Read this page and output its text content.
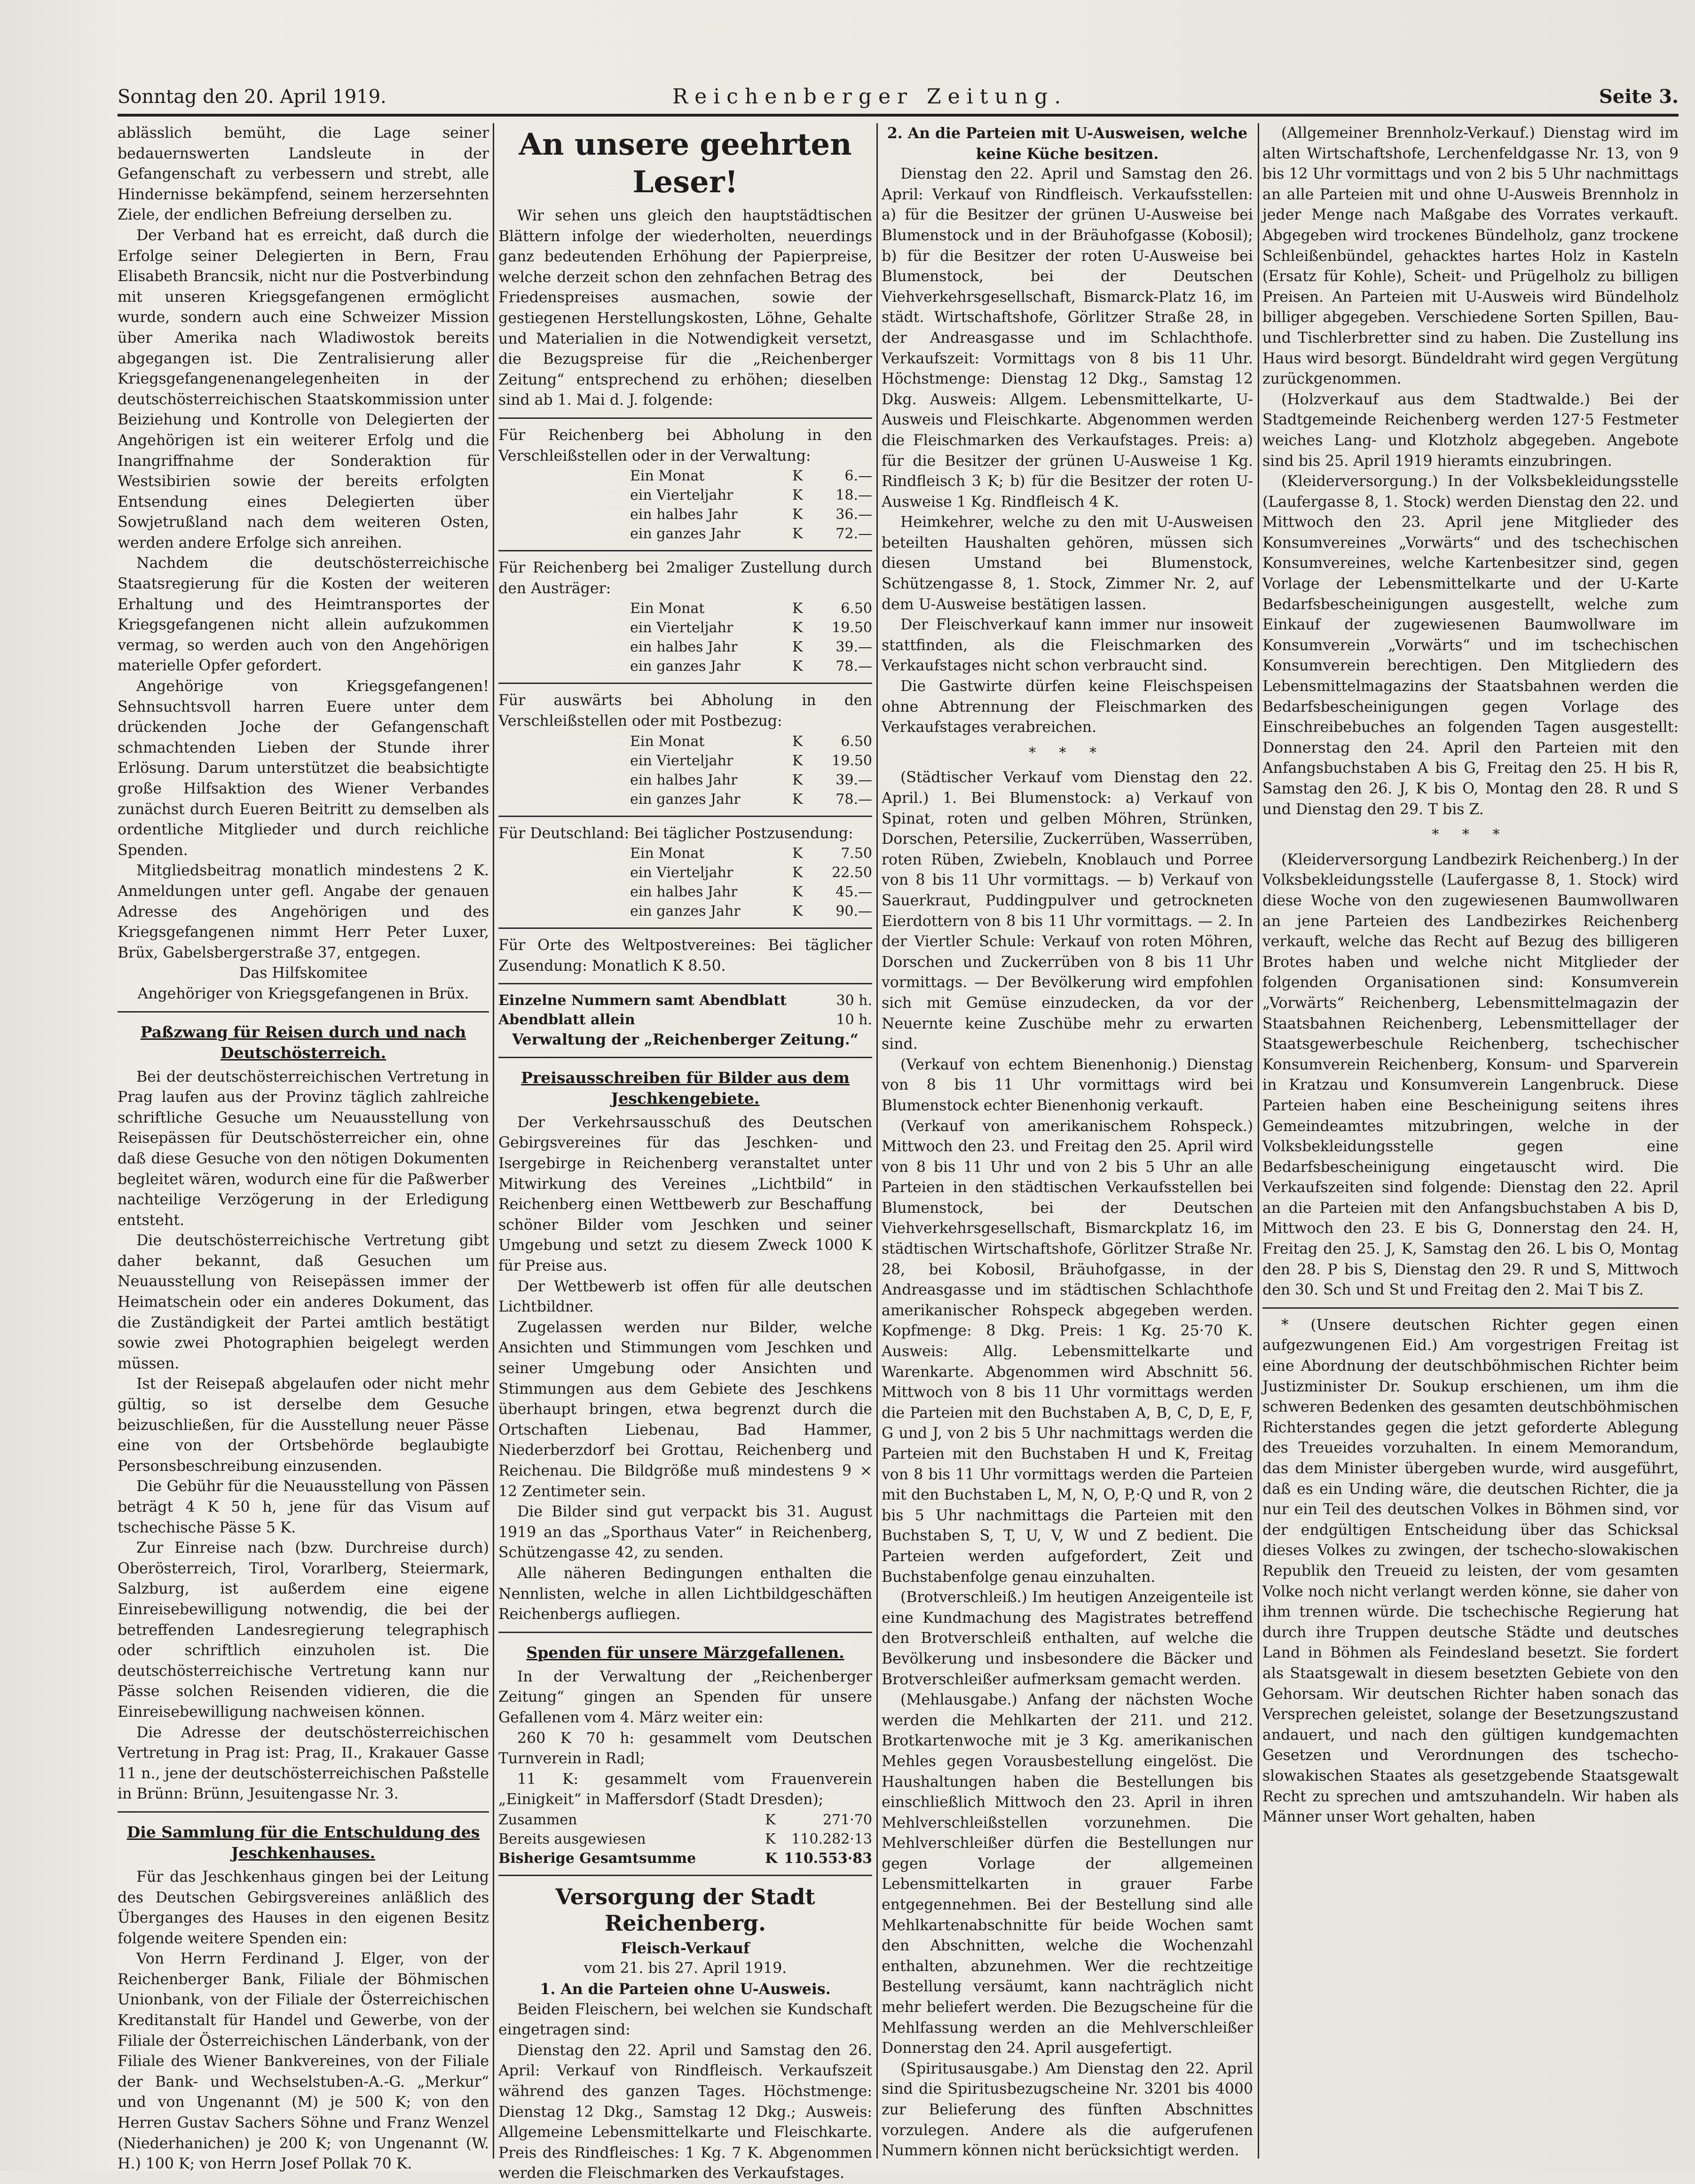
Sonntag den 20. April 1919.	Reichenberger Zeitung.	Seite 3.

ablässlich bemüht, die Lage seiner bedauernswerten Landsleute in der Gefangenschaft zu verbessern und strebt, alle Hindernisse bekämpfend, seinem herzersehnten Ziele, der endlichen Befreiung derselben zu.

Der Verband hat es erreicht, daß durch die Erfolge seiner Delegierten in Bern, Frau Elisabeth Brancsik, nicht nur die Postverbindung mit unseren Kriegsgefangenen ermöglicht wurde, sondern auch eine Schweizer Mission über Amerika nach Wladiwostok bereits abgegangen ist. Die Zentralisierung aller Kriegsgefangenenangelegenheiten in der deutschösterreichischen Staatskommission unter Beiziehung und Kontrolle von Delegierten der Angehörigen ist ein weiterer Erfolg und die Inangriffnahme der Sonderaktion für Westsibirien sowie der bereits erfolgten Entsendung eines Delegierten über Sowjetrußland nach dem weiteren Osten, werden andere Erfolge sich anreihen.

Nachdem die deutschösterreichische Staatsregierung für die Kosten der weiteren Erhaltung und des Heimtransportes der Kriegsgefangenen nicht allein aufzukommen vermag, so werden auch von den Angehörigen materielle Opfer gefordert.

Angehörige von Kriegsgefangenen! Sehnsuchtsvoll harren Euere unter dem drückenden Joche der Gefangenschaft schmachtenden Lieben der Stunde ihrer Erlösung. Darum unterstützet die beabsichtigte große Hilfsaktion des Wiener Verbandes zunächst durch Eueren Beitritt zu demselben als ordentliche Mitglieder und durch reichliche Spenden.

Mitgliedsbeitrag monatlich mindestens 2 K. Anmeldungen unter gefl. Angabe der genauen Adresse des Angehörigen und des Kriegsgefangenen nimmt Herr Peter Luxer, Brüx, Gabelsbergerstraße 37, entgegen.

Das Hilfskomitee

Angehöriger von Kriegsgefangenen in Brüx.

Paßzwang für Reisen durch und nach Deutschösterreich.

Bei der deutschösterreichischen Vertretung in Prag laufen aus der Provinz täglich zahlreiche schriftliche Gesuche um Neuausstellung von Reisepässen für Deutschösterreicher ein, ohne daß diese Gesuche von den nötigen Dokumenten begleitet wären, wodurch eine für die Paßwerber nachteilige Verzögerung in der Erledigung entsteht.

Die deutschösterreichische Vertretung gibt daher bekannt, daß Gesuchen um Neuausstellung von Reisepässen immer der Heimatschein oder ein anderes Dokument, das die Zuständigkeit der Partei amtlich bestätigt sowie zwei Photographien beigelegt werden müssen.

Ist der Reisepaß abgelaufen oder nicht mehr gültig, so ist derselbe dem Gesuche beizuschließen, für die Ausstellung neuer Pässe eine von der Ortsbehörde beglaubigte Personsbeschreibung einzusenden.

Die Gebühr für die Neuausstellung von Pässen beträgt 4 K 50 h, jene für das Visum auf tschechische Pässe 5 K.

Zur Einreise nach (bzw. Durchreise durch) Oberösterreich, Tirol, Vorarlberg, Steiermark, Salzburg, ist außerdem eine eigene Einreisebewilligung notwendig, die bei der betreffenden Landesregierung telegraphisch oder schriftlich einzuholen ist. Die deutschösterreichische Vertretung kann nur Pässe solchen Reisenden vidieren, die die Einreisebewilligung nachweisen können.

Die Adresse der deutschösterreichischen Vertretung in Prag ist: Prag, II., Krakauer Gasse 11 n., jene der deutschösterreichischen Paßstelle in Brünn: Brünn, Jesuitengasse Nr. 3.

Die Sammlung für die Entschuldung des Jeschkenhauses.

Für das Jeschkenhaus gingen bei der Leitung des Deutschen Gebirgsvereines anläßlich des Überganges des Hauses in den eigenen Besitz folgende weitere Spenden ein:

Von Herrn Ferdinand J. Elger, von der Reichenberger Bank, Filiale der Böhmischen Unionbank, von der Filiale der Österreichischen Kreditanstalt für Handel und Gewerbe, von der Filiale der Österreichischen Länderbank, von der Filiale des Wiener Bankvereines, von der Filiale der Bank- und Wechselstuben-A.-G. „Merkur“ und von Ungenannt (M) je 500 K; von den Herren Gustav Sachers Söhne und Franz Wenzel (Niederhanichen) je 200 K; von Ungenannt (W. H.) 100 K; von Herrn Josef Pollak 70 K.

An unsere geehrten Leser!

Wir sehen uns gleich den hauptstädtischen Blättern infolge der wiederholten, neuerdings ganz bedeutenden Erhöhung der Papierpreise, welche derzeit schon den zehnfachen Betrag des Friedenspreises ausmachen, sowie der gestiegenen Herstellungskosten, Löhne, Gehalte und Materialien in die Notwendigkeit versetzt, die Bezugspreise für die „Reichenberger Zeitung“ entsprechend zu erhöhen; dieselben sind ab 1. Mai d. J. folgende:

Für Reichenberg bei Abholung in den Verschleißstellen oder in der Verwaltung:

Ein Monat	K	6.—
ein Vierteljahr	K	18.—
ein halbes Jahr	K	36.—
ein ganzes Jahr	K	72.—

Für Reichenberg bei 2maliger Zustellung durch den Austräger:

Ein Monat	K	6.50
ein Vierteljahr	K	19.50
ein halbes Jahr	K	39.—
ein ganzes Jahr	K	78.—

Für auswärts bei Abholung in den Verschleißstellen oder mit Postbezug:

Ein Monat	K	6.50
ein Vierteljahr	K	19.50
ein halbes Jahr	K	39.—
ein ganzes Jahr	K	78.—

Für Deutschland: Bei täglicher Postzusendung:

Ein Monat	K	7.50
ein Vierteljahr	K	22.50
ein halbes Jahr	K	45.—
ein ganzes Jahr	K	90.—

Für Orte des Weltpostvereines: Bei täglicher Zusendung: Monatlich K 8.50.

Einzelne Nummern samt Abendblatt	30 h.
Abendblatt allein	10 h.

Verwaltung der „Reichenberger Zeitung.“

Preisausschreiben für Bilder aus dem Jeschkengebiete.

Der Verkehrsausschuß des Deutschen Gebirgsvereines für das Jeschken- und Isergebirge in Reichenberg veranstaltet unter Mitwirkung des Vereines „Lichtbild“ in Reichenberg einen Wettbewerb zur Beschaffung schöner Bilder vom Jeschken und seiner Umgebung und setzt zu diesem Zweck 1000 K für Preise aus.

Der Wettbewerb ist offen für alle deutschen Lichtbildner.

Zugelassen werden nur Bilder, welche Ansichten und Stimmungen vom Jeschken und seiner Umgebung oder Ansichten und Stimmungen aus dem Gebiete des Jeschkens überhaupt bringen, etwa begrenzt durch die Ortschaften Liebenau, Bad Hammer, Niederberzdorf bei Grottau, Reichenberg und Reichenau. Die Bildgröße muß mindestens 9 × 12 Zentimeter sein.

Die Bilder sind gut verpackt bis 31. August 1919 an das „Sporthaus Vater“ in Reichenberg, Schützengasse 42, zu senden.

Alle näheren Bedingungen enthalten die Nennlisten, welche in allen Lichtbildgeschäften Reichenbergs aufliegen.

Spenden für unsere Märzgefallenen.

In der Verwaltung der „Reichenberger Zeitung“ gingen an Spenden für unsere Gefallenen vom 4. März weiter ein:

260 K 70 h: gesammelt vom Deutschen Turnverein in Radl;

11 K: gesammelt vom Frauenverein „Einigkeit“ in Maffersdorf (Stadt Dresden);

Zusammen	K	271·70
Bereits ausgewiesen	K	110.282·13
Bisherige Gesamtsumme	K	110.553·83
Versorgung der Stadt Reichenberg.

Fleisch-Verkauf

vom 21. bis 27. April 1919.

1. An die Parteien ohne U-Ausweis.

Beiden Fleischern, bei welchen sie Kundschaft eingetragen sind:

Dienstag den 22. April und Samstag den 26. April: Verkauf von Rindfleisch. Verkaufszeit während des ganzen Tages. Höchstmenge: Dienstag 12 Dkg., Samstag 12 Dkg.; Ausweis: Allgemeine Lebensmittelkarte und Fleischkarte. Preis des Rindfleisches: 1 Kg. 7 K. Abgenommen werden die Fleischmarken des Verkaufstages.

2. An die Parteien mit U-Ausweisen, welche keine Küche besitzen.

Dienstag den 22. April und Samstag den 26. April: Verkauf von Rindfleisch. Verkaufsstellen: a) für die Besitzer der grünen U-Ausweise bei Blumenstock und in der Bräuhofgasse (Kobosil); b) für die Besitzer der roten U-Ausweise bei Blumenstock, bei der Deutschen Viehverkehrsgesellschaft, Bismarck-Platz 16, im städt. Wirtschaftshofe, Görlitzer Straße 28, in der Andreasgasse und im Schlachthofe. Verkaufszeit: Vormittags von 8 bis 11 Uhr. Höchstmenge: Dienstag 12 Dkg., Samstag 12 Dkg. Ausweis: Allgem. Lebensmittelkarte, U-Ausweis und Fleischkarte. Abgenommen werden die Fleischmarken des Verkaufstages. Preis: a) für die Besitzer der grünen U-Ausweise 1 Kg. Rindfleisch 3 K; b) für die Besitzer der roten U-Ausweise 1 Kg. Rindfleisch 4 K.

Heimkehrer, welche zu den mit U-Ausweisen beteilten Haushalten gehören, müssen sich diesen Umstand bei Blumenstock, Schützengasse 8, 1. Stock, Zimmer Nr. 2, auf dem U-Ausweise bestätigen lassen.

Der Fleischverkauf kann immer nur insoweit stattfinden, als die Fleischmarken des Verkaufstages nicht schon verbraucht sind.

Die Gastwirte dürfen keine Fleischspeisen ohne Abtrennung der Fleischmarken des Verkaufstages verabreichen.

* * *

(Städtischer Verkauf vom Dienstag den 22. April.) 1. Bei Blumenstock: a) Verkauf von Spinat, roten und gelben Möhren, Strünken, Dorschen, Petersilie, Zuckerrüben, Wasserrüben, roten Rüben, Zwiebeln, Knoblauch und Porree von 8 bis 11 Uhr vormittags. — b) Verkauf von Sauerkraut, Puddingpulver und getrockneten Eierdottern von 8 bis 11 Uhr vormittags. — 2. In der Viertler Schule: Verkauf von roten Möhren, Dorschen und Zuckerrüben von 8 bis 11 Uhr vormittags. — Der Bevölkerung wird empfohlen sich mit Gemüse einzudecken, da vor der Neuernte keine Zuschübe mehr zu erwarten sind.

(Verkauf von echtem Bienenhonig.) Dienstag von 8 bis 11 Uhr vormittags wird bei Blumenstock echter Bienenhonig verkauft.

(Verkauf von amerikanischem Rohspeck.) Mittwoch den 23. und Freitag den 25. April wird von 8 bis 11 Uhr und von 2 bis 5 Uhr an alle Parteien in den städtischen Verkaufsstellen bei Blumenstock, bei der Deutschen Viehverkehrsgesellschaft, Bismarckplatz 16, im städtischen Wirtschaftshofe, Görlitzer Straße Nr. 28, bei Kobosil, Bräuhofgasse, in der Andreasgasse und im städtischen Schlachthofe amerikanischer Rohspeck abgegeben werden. Kopfmenge: 8 Dkg. Preis: 1 Kg. 25·70 K. Ausweis: Allg. Lebensmittelkarte und Warenkarte. Abgenommen wird Abschnitt 56. Mittwoch von 8 bis 11 Uhr vormittags werden die Parteien mit den Buchstaben A, B, C, D, E, F, G und J, von 2 bis 5 Uhr nachmittags werden die Parteien mit den Buchstaben H und K, Freitag von 8 bis 11 Uhr vormittags werden die Parteien mit den Buchstaben L, M, N, O, P,·Q und R, von 2 bis 5 Uhr nachmittags die Parteien mit den Buchstaben S, T, U, V, W und Z bedient. Die Parteien werden aufgefordert, Zeit und Buchstabenfolge genau einzuhalten.

(Brotverschleiß.) Im heutigen Anzeigenteile ist eine Kundmachung des Magistrates betreffend den Brotverschleiß enthalten, auf welche die Bevölkerung und insbesondere die Bäcker und Brotverschleißer aufmerksam gemacht werden.

(Mehlausgabe.) Anfang der nächsten Woche werden die Mehlkarten der 211. und 212. Brotkartenwoche mit je 3 Kg. amerikanischen Mehles gegen Vorausbestellung eingelöst. Die Haushaltungen haben die Bestellungen bis einschließlich Mittwoch den 23. April in ihren Mehlverschleißstellen vorzunehmen. Die Mehlverschleißer dürfen die Bestellungen nur gegen Vorlage der allgemeinen Lebensmittelkarten in grauer Farbe entgegennehmen. Bei der Bestellung sind alle Mehlkartenabschnitte für beide Wochen samt den Abschnitten, welche die Wochenzahl enthalten, abzunehmen. Wer die rechtzeitige Bestellung versäumt, kann nachträglich nicht mehr beliefert werden. Die Bezugscheine für die Mehlfassung werden an die Mehlverschleißer Donnerstag den 24. April ausgefertigt.

(Spiritusausgabe.) Am Dienstag den 22. April sind die Spiritusbezugscheine Nr. 3201 bis 4000 zur Belieferung des fünften Abschnittes vorzulegen. Andere als die aufgerufenen Nummern können nicht berücksichtigt werden.

(Allgemeiner Brennholz-Verkauf.) Dienstag wird im alten Wirtschaftshofe, Lerchenfeldgasse Nr. 13, von 9 bis 12 Uhr vormittags und von 2 bis 5 Uhr nachmittags an alle Parteien mit und ohne U-Ausweis Brennholz in jeder Menge nach Maßgabe des Vorrates verkauft. Abgegeben wird trockenes Bündelholz, ganz trockene Schleißenbündel, gehacktes hartes Holz in Kasteln (Ersatz für Kohle), Scheit- und Prügelholz zu billigen Preisen. An Parteien mit U-Ausweis wird Bündelholz billiger abgegeben. Verschiedene Sorten Spillen, Bau- und Tischlerbretter sind zu haben. Die Zustellung ins Haus wird besorgt. Bündeldraht wird gegen Vergütung zurückgenommen.

(Holzverkauf aus dem Stadtwalde.) Bei der Stadtgemeinde Reichenberg werden 127·5 Festmeter weiches Lang- und Klotzholz abgegeben. Angebote sind bis 25. April 1919 hieramts einzubringen.

(Kleiderversorgung.) In der Volksbekleidungsstelle (Laufergasse 8, 1. Stock) werden Dienstag den 22. und Mittwoch den 23. April jene Mitglieder des Konsumvereines „Vorwärts“ und des tschechischen Konsumvereines, welche Kartenbesitzer sind, gegen Vorlage der Lebensmittelkarte und der U-Karte Bedarfsbescheinigungen ausgestellt, welche zum Einkauf der zugewiesenen Baumwollware im Konsumverein „Vorwärts“ und im tschechischen Konsumverein berechtigen. Den Mitgliedern des Lebensmittelmagazins der Staatsbahnen werden die Bedarfsbescheinigungen gegen Vorlage des Einschreibebuches an folgenden Tagen ausgestellt: Donnerstag den 24. April den Parteien mit den Anfangsbuchstaben A bis G, Freitag den 25. H bis R, Samstag den 26. J, K bis O, Montag den 28. R und S und Dienstag den 29. T bis Z.

* * *

(Kleiderversorgung Landbezirk Reichenberg.) In der Volksbekleidungsstelle (Laufergasse 8, 1. Stock) wird diese Woche von den zugewiesenen Baumwollwaren an jene Parteien des Landbezirkes Reichenberg verkauft, welche das Recht auf Bezug des billigeren Brotes haben und welche nicht Mitglieder der folgenden Organisationen sind: Konsumverein „Vorwärts“ Reichenberg, Lebensmittelmagazin der Staatsbahnen Reichenberg, Lebensmittellager der Staatsgewerbeschule Reichenberg, tschechischer Konsumverein Reichenberg, Konsum- und Sparverein in Kratzau und Konsumverein Langenbruck. Diese Parteien haben eine Bescheinigung seitens ihres Gemeindeamtes mitzubringen, welche in der Volksbekleidungsstelle gegen eine Bedarfsbescheinigung eingetauscht wird. Die Verkaufszeiten sind folgende: Dienstag den 22. April an die Parteien mit den Anfangsbuchstaben A bis D, Mittwoch den 23. E bis G, Donnerstag den 24. H, Freitag den 25. J, K, Samstag den 26. L bis O, Montag den 28. P bis S, Dienstag den 29. R und S, Mittwoch den 30. Sch und St und Freitag den 2. Mai T bis Z.

* (Unsere deutschen Richter gegen einen aufgezwungenen Eid.) Am vorgestrigen Freitag ist eine Abordnung der deutschböhmischen Richter beim Justizminister Dr. Soukup erschienen, um ihm die schweren Bedenken des gesamten deutschböhmischen Richterstandes gegen die jetzt geforderte Ablegung des Treueides vorzuhalten. In einem Memorandum, das dem Minister übergeben wurde, wird ausgeführt, daß es ein Unding wäre, die deutschen Richter, die ja nur ein Teil des deutschen Volkes in Böhmen sind, vor der endgültigen Entscheidung über das Schicksal dieses Volkes zu zwingen, der tschecho-slowakischen Republik den Treueid zu leisten, der vom gesamten Volke noch nicht verlangt werden könne, sie daher von ihm trennen würde. Die tschechische Regierung hat durch ihre Truppen deutsche Städte und deutsches Land in Böhmen als Feindesland besetzt. Sie fordert als Staatsgewalt in diesem besetzten Gebiete von den Gehorsam. Wir deutschen Richter haben sonach das Versprechen geleistet, solange der Besetzungszustand andauert, und nach den gültigen kundgemachten Gesetzen und Verordnungen des tschecho-slowakischen Staates als gesetzgebende Staatsgewalt Recht zu sprechen und amtszuhandeln. Wir haben als Männer unser Wort gehalten, haben
